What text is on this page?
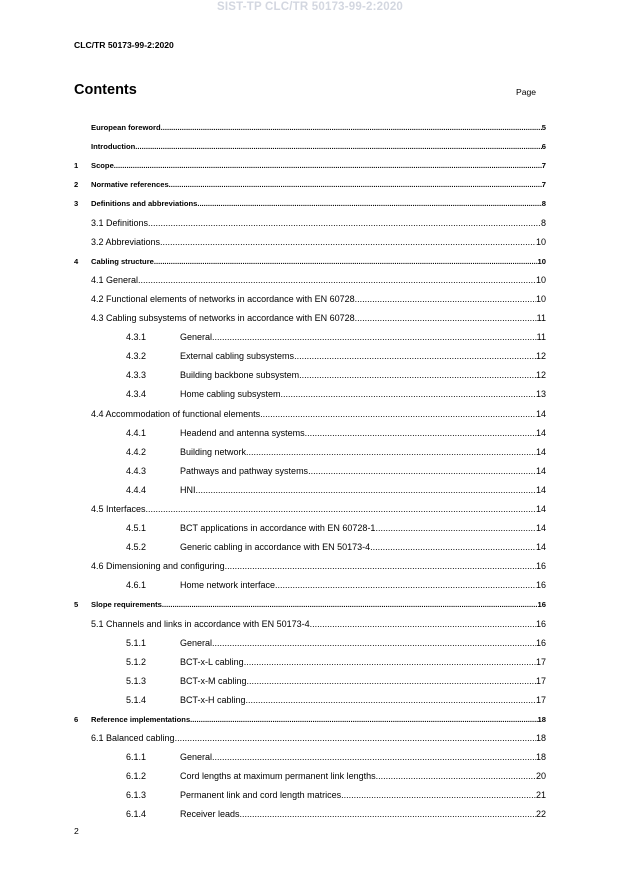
SIST-TP CLC/TR 50173-99-2:2020
CLC/TR 50173-99-2:2020
Contents	Page
European foreword .....	5
Introduction .....	6
1	Scope .....	7
2	Normative references .....	7
3	Definitions and abbreviations .....	8
3.1 Definitions .....	8
3.2 Abbreviations .....	10
4	Cabling structure .....	10
4.1 General .....	10
4.2 Functional elements of networks in accordance with EN 60728 .....	10
4.3 Cabling subsystems of networks in accordance with EN 60728 .....	11
4.3.1	General .....	11
4.3.2	External cabling subsystems .....	12
4.3.3	Building backbone subsystem .....	12
4.3.4	Home cabling subsystem .....	13
4.4 Accommodation of functional elements .....	14
4.4.1	Headend and antenna systems .....	14
4.4.2	Building network .....	14
4.4.3	Pathways and pathway systems .....	14
4.4.4	HNI .....	14
4.5 Interfaces .....	14
4.5.1	BCT applications in accordance with EN 60728-1 .....	14
4.5.2	Generic cabling in accordance with EN 50173-4 .....	14
4.6 Dimensioning and configuring .....	16
4.6.1	Home network interface .....	16
5	Slope requirements .....	16
5.1 Channels and links in accordance with EN 50173-4 .....	16
5.1.1	General .....	16
5.1.2	BCT-x-L cabling .....	17
5.1.3	BCT-x-M cabling .....	17
5.1.4	BCT-x-H cabling .....	17
6	Reference implementations .....	18
6.1 Balanced cabling .....	18
6.1.1	General .....	18
6.1.2	Cord lengths at maximum permanent link lengths .....	20
6.1.3	Permanent link and cord length matrices .....	21
6.1.4	Receiver leads .....	22
2
